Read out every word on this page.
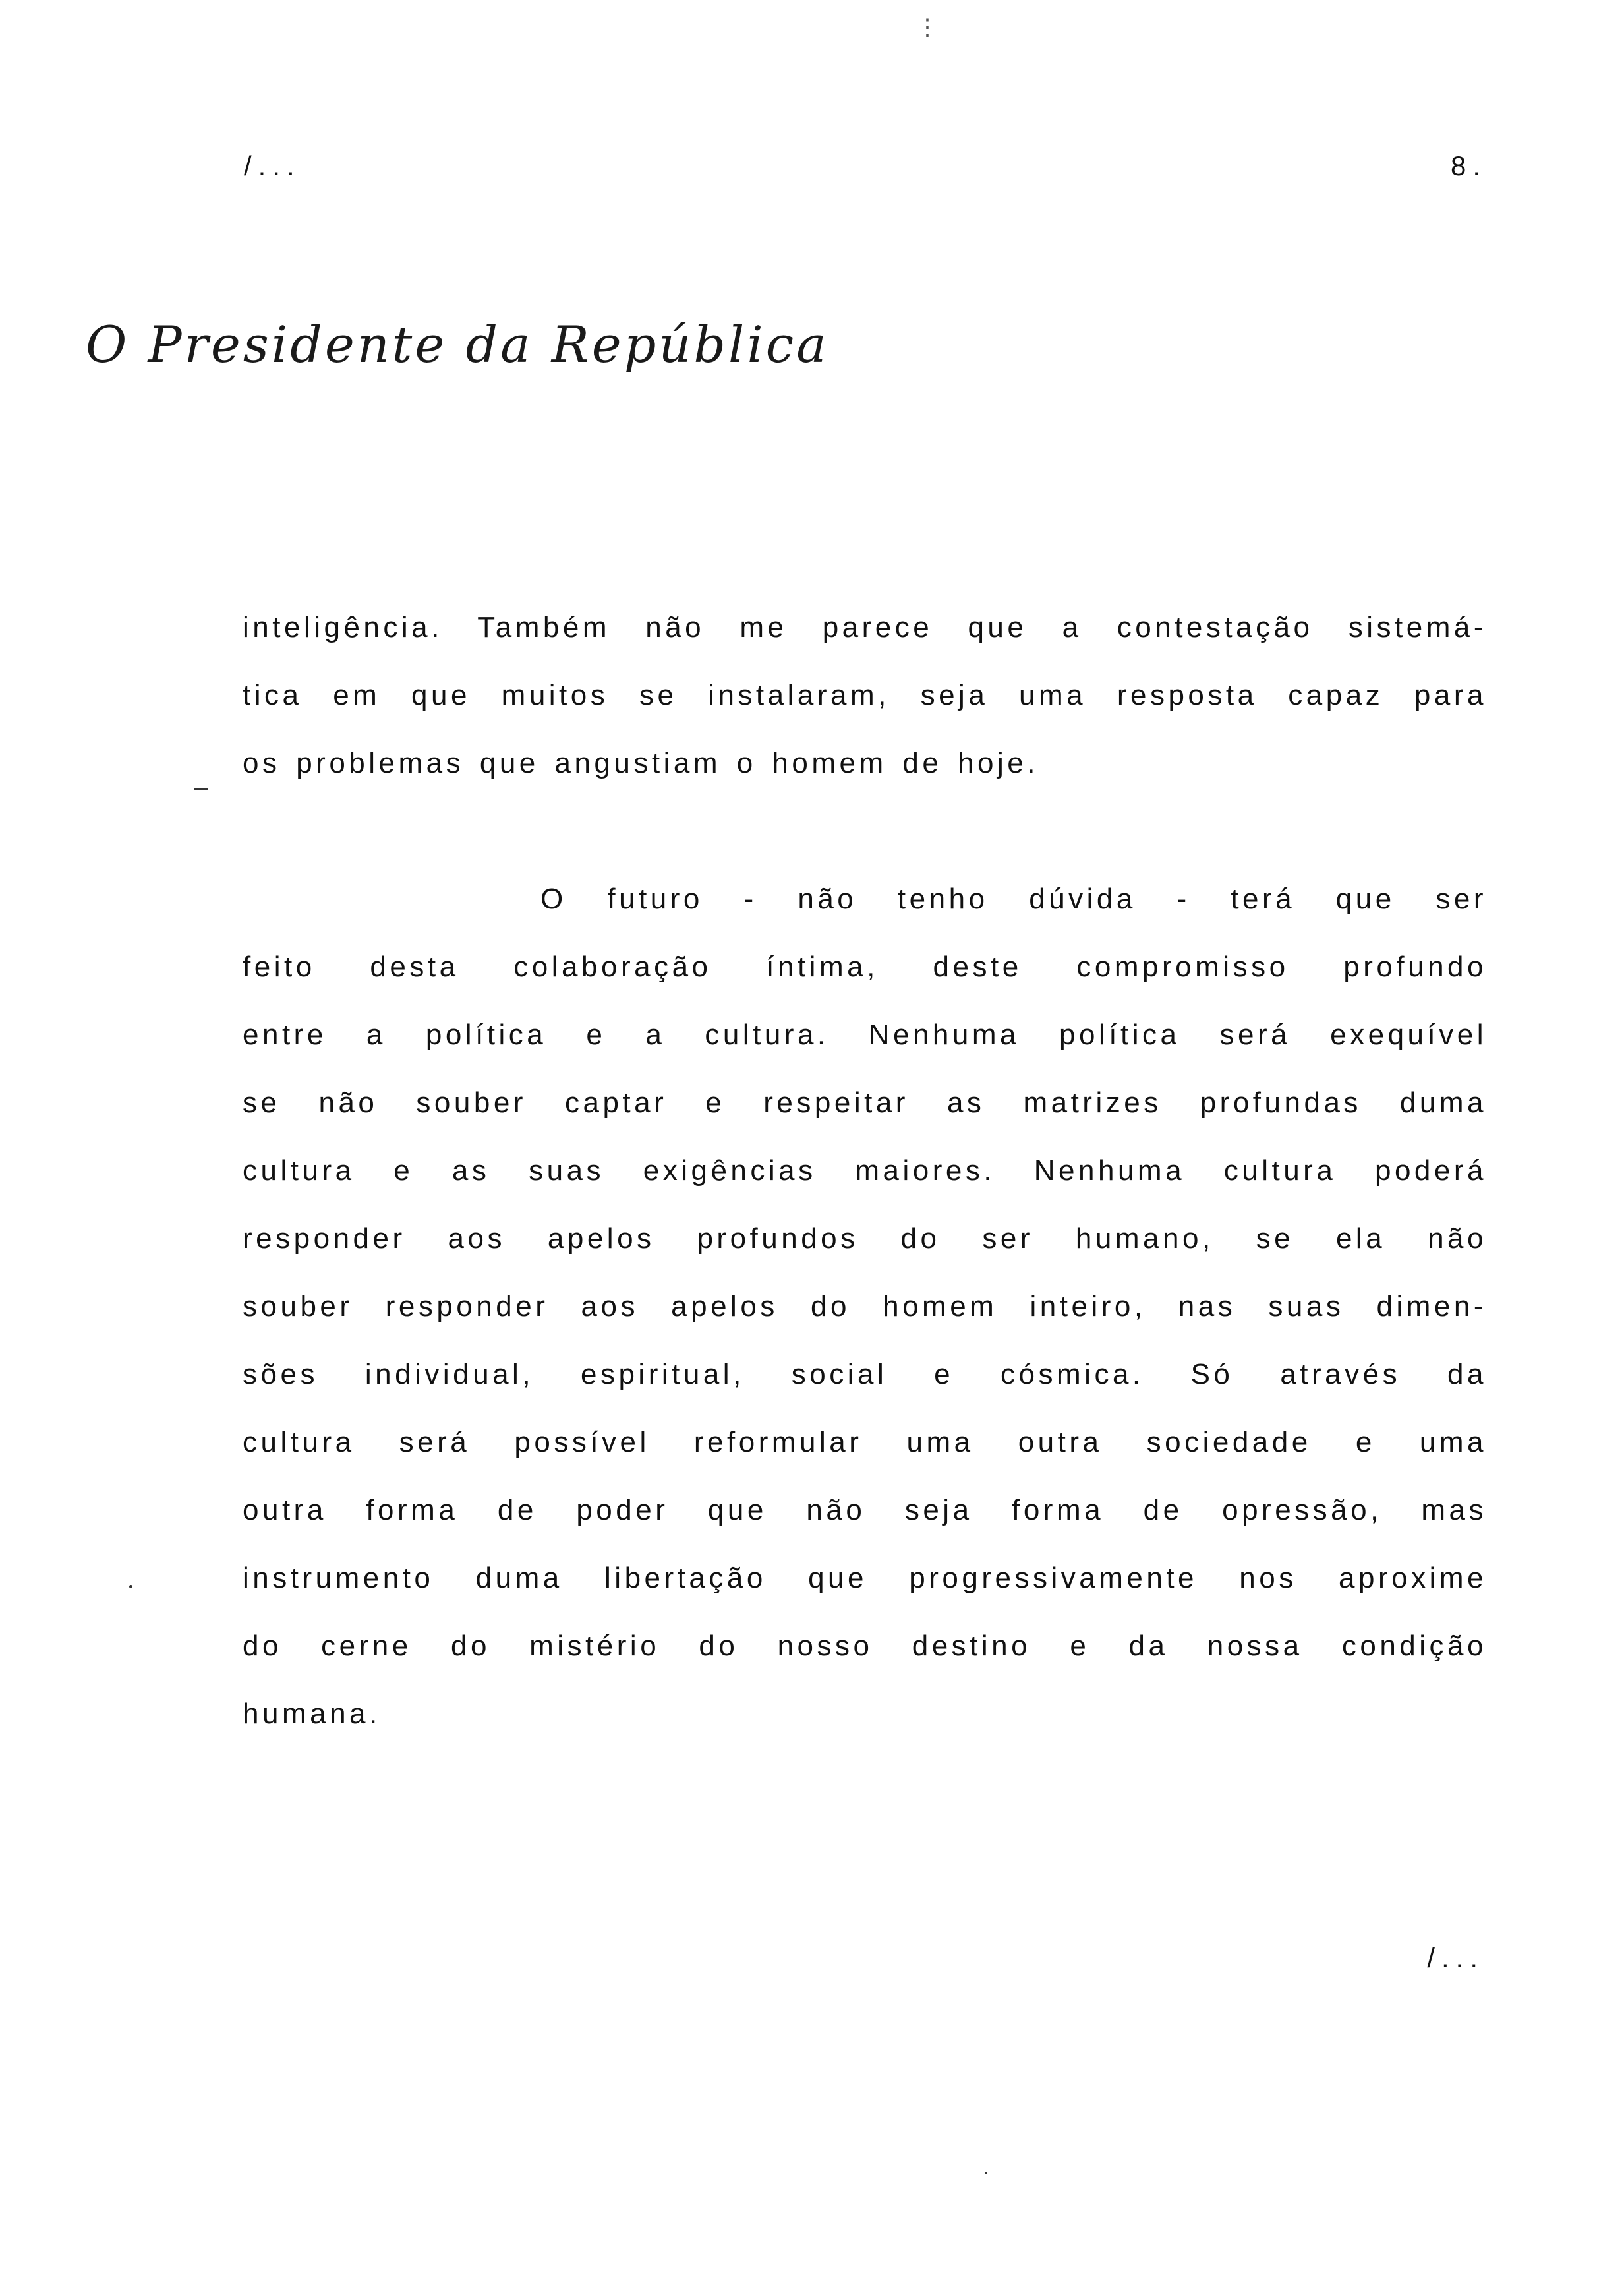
⋮
/...	8.
O Presidente da República
inteligência. Também não me parece que a contestação sistemá-
tica em que muitos se instalaram, seja uma resposta capaz para
os problemas que angustiam o homem de hoje.
O futuro - não tenho dúvida - terá que ser
feito desta colaboração íntima, deste compromisso profundo
entre a política e a cultura. Nenhuma política será exequível
se não souber captar e respeitar as matrizes profundas duma
cultura e as suas exigências maiores. Nenhuma cultura poderá
responder aos apelos profundos do ser humano, se ela não
souber responder aos apelos do homem inteiro, nas suas dimen-
sões individual, espiritual, social e cósmica. Só através da
cultura será possível reformular uma outra sociedade e uma
outra forma de poder que não seja forma de opressão, mas
instrumento duma libertação que progressivamente nos aproxime
do cerne do mistério do nosso destino e da nossa condição
humana.
/...
